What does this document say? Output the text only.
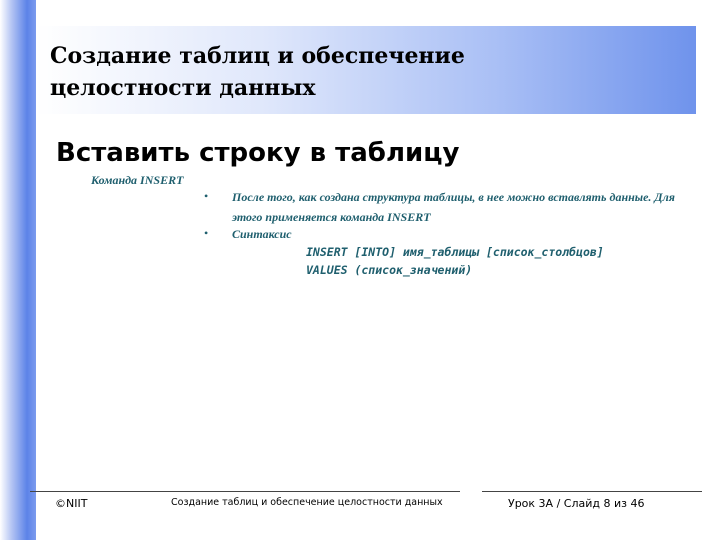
Создание таблиц и обеспечение целостности данных
Вставить строку в таблицу

Команда INSERT

• После того, как создана структура таблицы, в нее можно вставлять данные. Для этого применяется команда INSERT
• Синтаксис
INSERT [INTO] имя_таблицы [список_столбцов]
VALUES (список_значений)

©NIIT	Создание таблиц и обеспечение целостности данных	Урок 3A / Слайд 8 из 46
